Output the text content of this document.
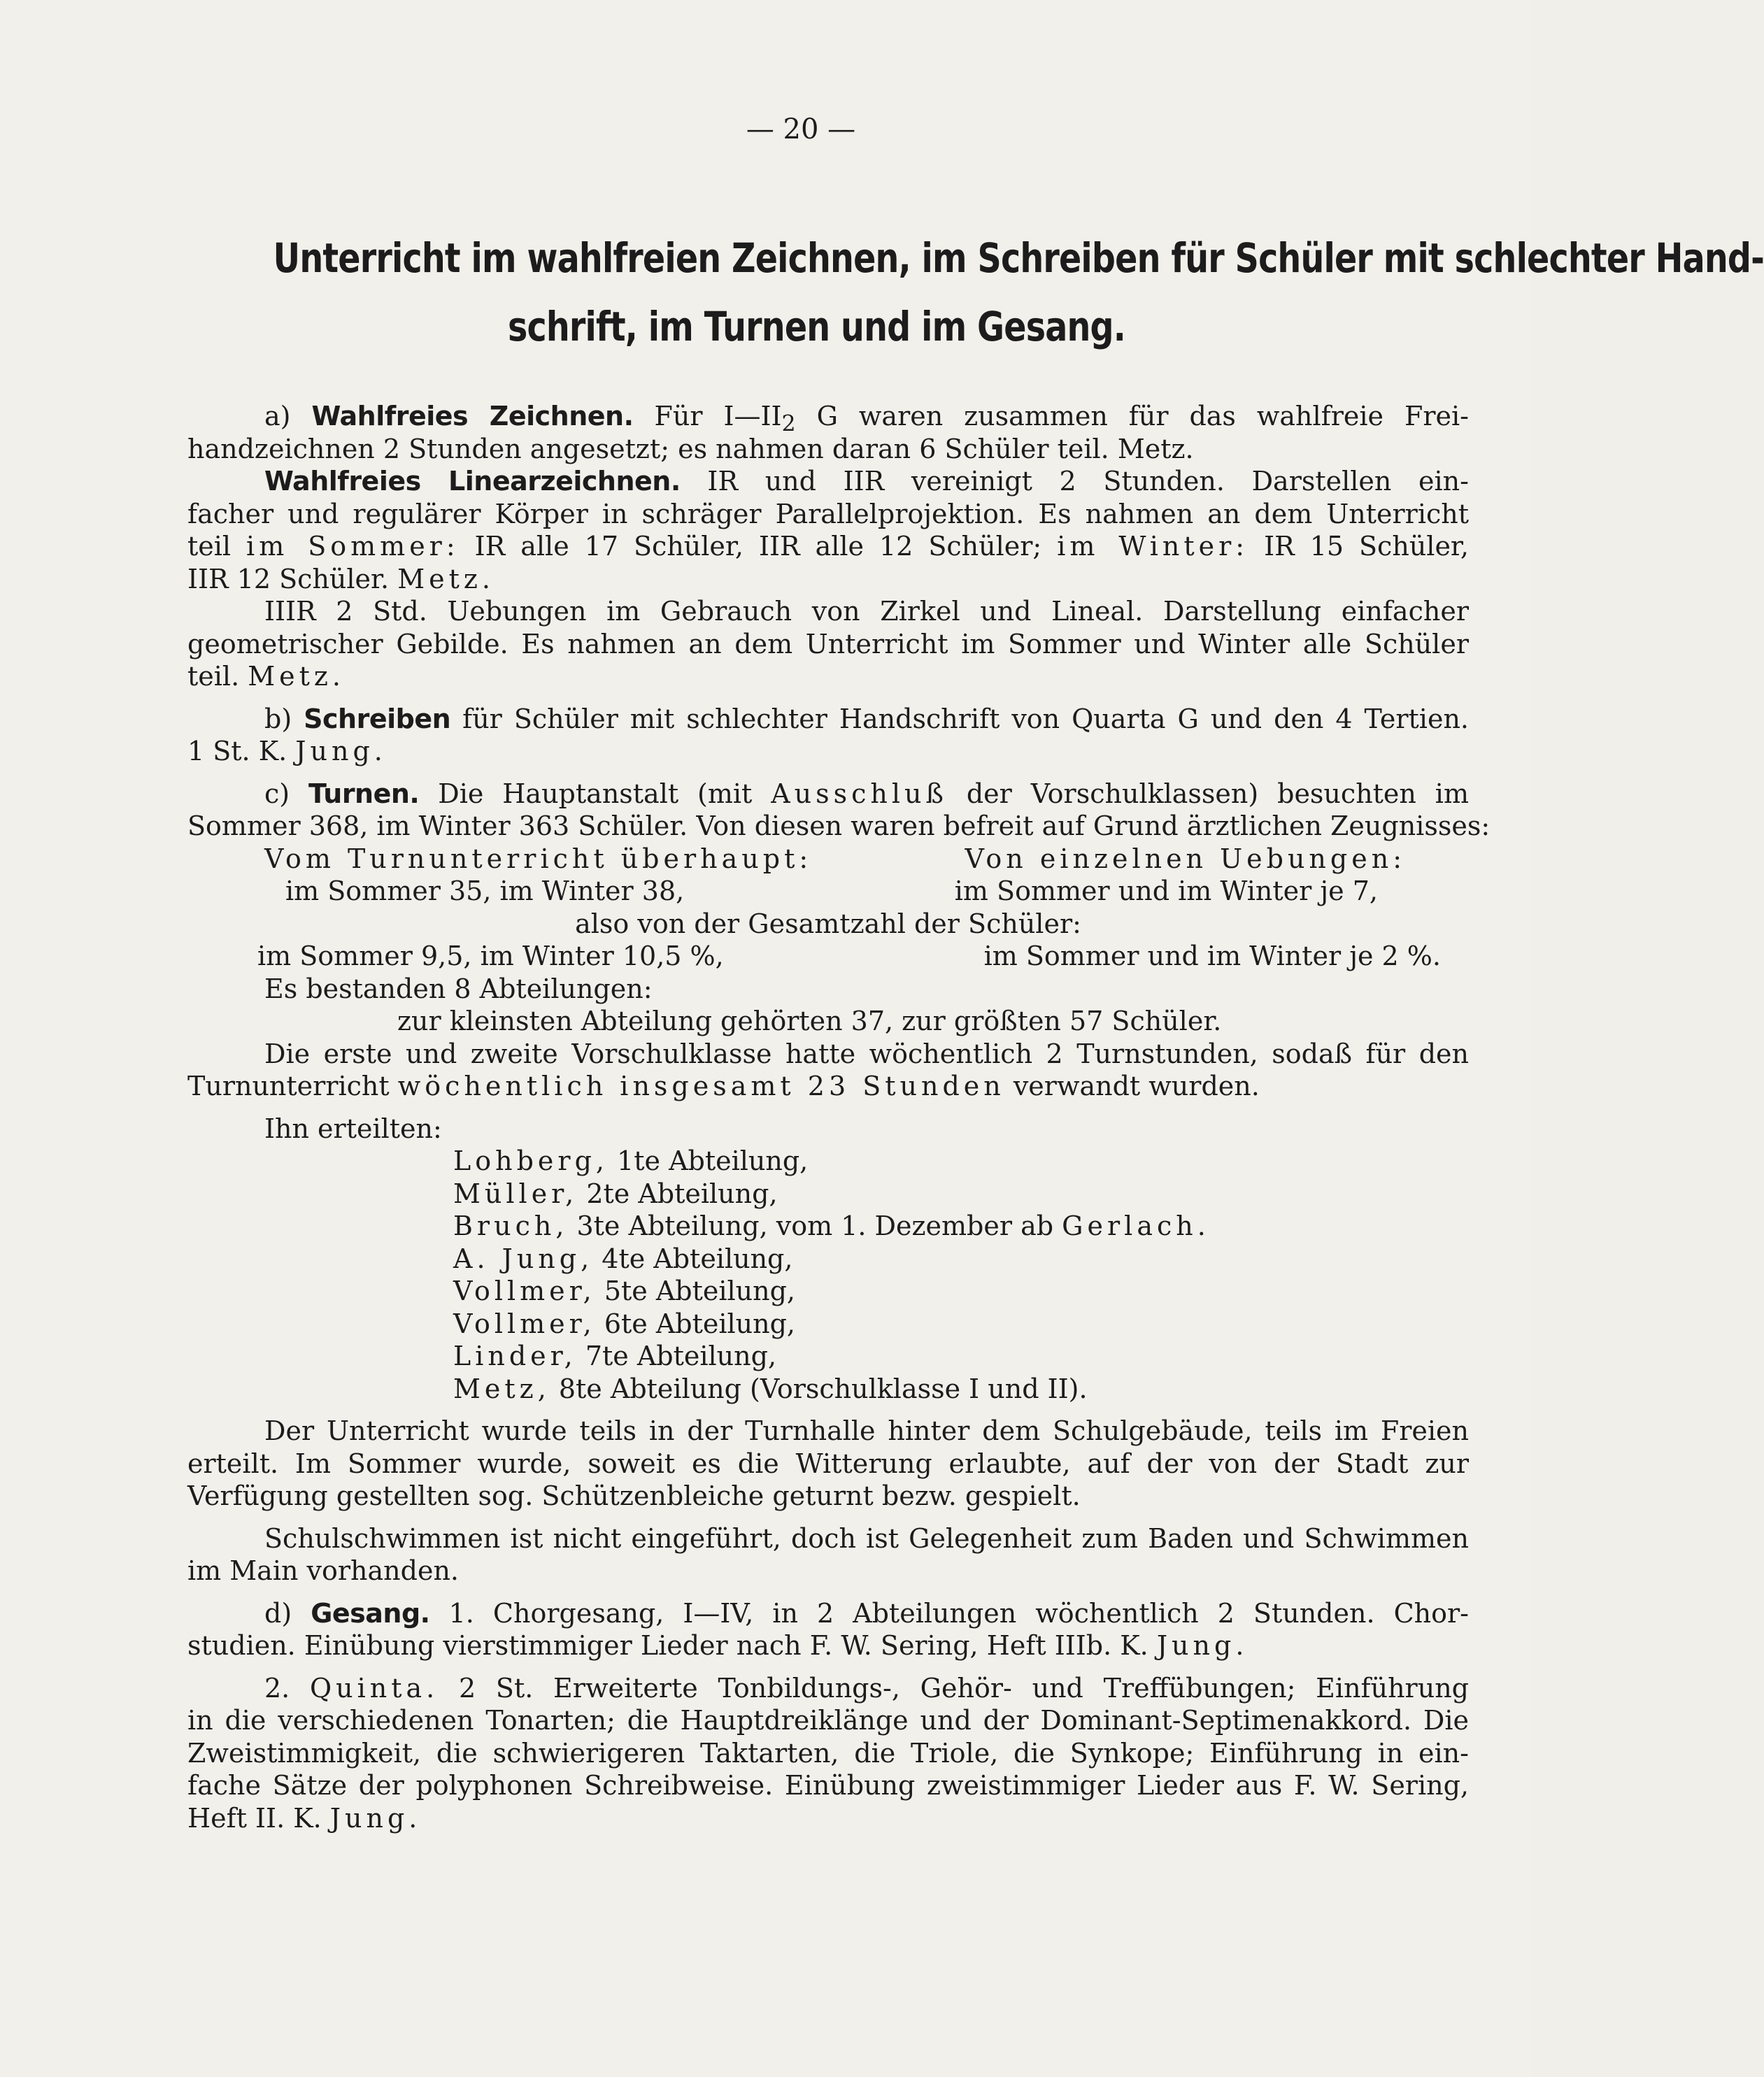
— 20 —
Unterricht im wahlfreien Zeichnen, im Schreiben für Schüler mit schlechter Hand-
schrift, im Turnen und im Gesang.
a) Wahlfreies Zeichnen. Für $I—II_2$ G waren zusammen für das wahlfreie Frei-
handzeichnen 2 Stunden angesetzt; es nahmen daran 6 Schüler teil. Metz.
Wahlfreies Linearzeichnen. IR und IIR vereinigt 2 Stunden. Darstellen ein-
facher und regulärer Körper in schräger Parallelprojektion. Es nahmen an dem Unterricht
teil im Sommer: IR alle 17 Schüler, IIR alle 12 Schüler; im Winter: IR 15 Schüler,
IIR 12 Schüler. Metz.
IIIR 2 Std. Uebungen im Gebrauch von Zirkel und Lineal. Darstellung einfacher
geometrischer Gebilde. Es nahmen an dem Unterricht im Sommer und Winter alle Schüler
teil. Metz.
b) Schreiben für Schüler mit schlechter Handschrift von Quarta G und den 4 Tertien.
1 St. K. Jung.
c) Turnen. Die Hauptanstalt (mit Ausschluß der Vorschulklassen) besuchten im
Sommer 368, im Winter 363 Schüler. Von diesen waren befreit auf Grund ärztlichen Zeugnisses:
Vom Turnunterricht überhaupt:	Von einzelnen Uebungen:
im Sommer 35, im Winter 38,	im Sommer und im Winter je 7,
also von der Gesamtzahl der Schüler:
im Sommer 9,5, im Winter 10,5 %,	im Sommer und im Winter je 2 %.
Es bestanden 8 Abteilungen:
zur kleinsten Abteilung gehörten 37, zur größten 57 Schüler.
Die erste und zweite Vorschulklasse hatte wöchentlich 2 Turnstunden, sodaß für den
Turnunterricht wöchentlich insgesamt 23 Stunden verwandt wurden.
Ihn erteilten:
Lohberg, 1te Abteilung,
Müller, 2te Abteilung,
Bruch, 3te Abteilung, vom 1. Dezember ab Gerlach.
A. Jung, 4te Abteilung,
Vollmer, 5te Abteilung,
Vollmer, 6te Abteilung,
Linder, 7te Abteilung,
Metz, 8te Abteilung (Vorschulklasse I und II).
Der Unterricht wurde teils in der Turnhalle hinter dem Schulgebäude, teils im Freien
erteilt. Im Sommer wurde, soweit es die Witterung erlaubte, auf der von der Stadt zur
Verfügung gestellten sog. Schützenbleiche geturnt bezw. gespielt.
Schulschwimmen ist nicht eingeführt, doch ist Gelegenheit zum Baden und Schwimmen
im Main vorhanden.
d) Gesang. 1. Chorgesang, I—IV, in 2 Abteilungen wöchentlich 2 Stunden. Chor-
studien. Einübung vierstimmiger Lieder nach F. W. Sering, Heft IIIb. K. Jung.
2. Quinta. 2 St. Erweiterte Tonbildungs-, Gehör- und Treffübungen; Einführung
in die verschiedenen Tonarten; die Hauptdreiklänge und der Dominant-Septimenakkord. Die
Zweistimmigkeit, die schwierigeren Taktarten, die Triole, die Synkope; Einführung in ein-
fache Sätze der polyphonen Schreibweise. Einübung zweistimmiger Lieder aus F. W. Sering,
Heft II. K. Jung.
